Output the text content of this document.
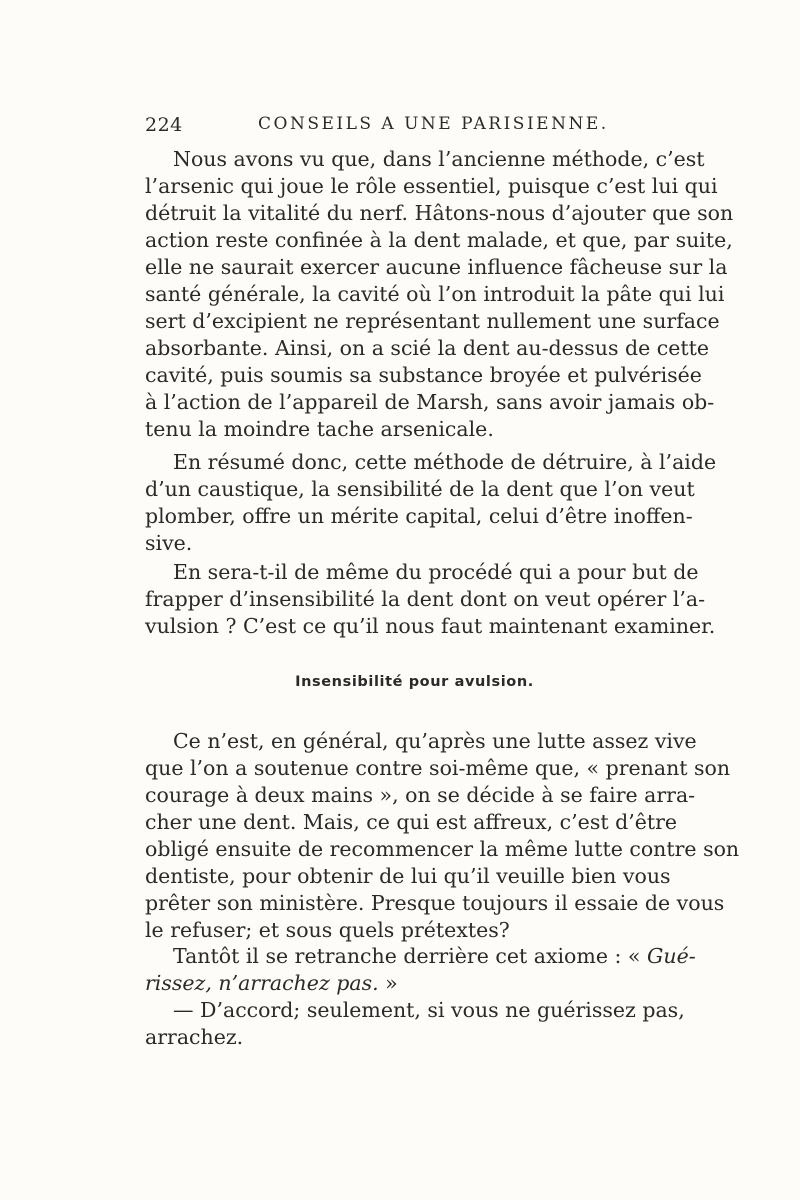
224	CONSEILS A UNE PARISIENNE.
Nous avons vu que, dans l’ancienne méthode, c’est
l’arsenic qui joue le rôle essentiel, puisque c’est lui qui
détruit la vitalité du nerf. Hâtons-nous d’ajouter que son
action reste confinée à la dent malade, et que, par suite,
elle ne saurait exercer aucune influence fâcheuse sur la
santé générale, la cavité où l’on introduit la pâte qui lui
sert d’excipient ne représentant nullement une surface
absorbante. Ainsi, on a scié la dent au-dessus de cette
cavité, puis soumis sa substance broyée et pulvérisée
à l’action de l’appareil de Marsh, sans avoir jamais ob-
tenu la moindre tache arsenicale.
En résumé donc, cette méthode de détruire, à l’aide
d’un caustique, la sensibilité de la dent que l’on veut
plomber, offre un mérite capital, celui d’être inoffen-
sive.
En sera-t-il de même du procédé qui a pour but de
frapper d’insensibilité la dent dont on veut opérer l’a-
vulsion ? C’est ce qu’il nous faut maintenant examiner.
Insensibilité pour avulsion.
Ce n’est, en général, qu’après une lutte assez vive
que l’on a soutenue contre soi-même que, « prenant son
courage à deux mains », on se décide à se faire arra-
cher une dent. Mais, ce qui est affreux, c’est d’être
obligé ensuite de recommencer la même lutte contre son
dentiste, pour obtenir de lui qu’il veuille bien vous
prêter son ministère. Presque toujours il essaie de vous
le refuser; et sous quels prétextes?
Tantôt il se retranche derrière cet axiome : « Gué-
rissez, n’arrachez pas. »
— D’accord; seulement, si vous ne guérissez pas,
arrachez.
